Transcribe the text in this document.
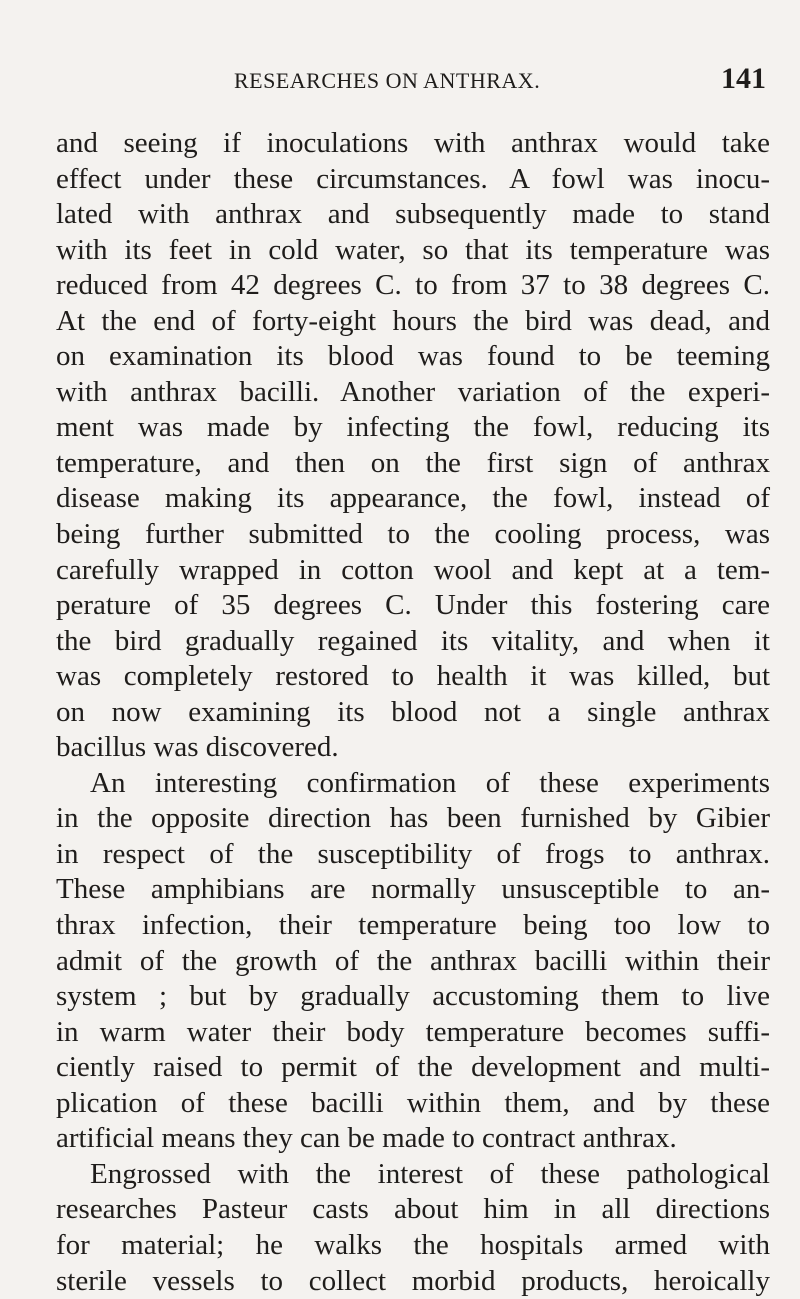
RESEARCHES ON ANTHRAX.	141
and seeing if inoculations with anthrax would take
effect under these circumstances. A fowl was inocu-
lated with anthrax and subsequently made to stand
with its feet in cold water, so that its temperature was
reduced from 42 degrees C. to from 37 to 38 degrees C.
At the end of forty-eight hours the bird was dead, and
on examination its blood was found to be teeming
with anthrax bacilli. Another variation of the experi-
ment was made by infecting the fowl, reducing its
temperature, and then on the first sign of anthrax
disease making its appearance, the fowl, instead of
being further submitted to the cooling process, was
carefully wrapped in cotton wool and kept at a tem-
perature of 35 degrees C. Under this fostering care
the bird gradually regained its vitality, and when it
was completely restored to health it was killed, but
on now examining its blood not a single anthrax
bacillus was discovered.
An interesting confirmation of these experiments
in the opposite direction has been furnished by Gibier
in respect of the susceptibility of frogs to anthrax.
These amphibians are normally unsusceptible to an-
thrax infection, their temperature being too low to
admit of the growth of the anthrax bacilli within their
system ; but by gradually accustoming them to live
in warm water their body temperature becomes suffi-
ciently raised to permit of the development and multi-
plication of these bacilli within them, and by these
artificial means they can be made to contract anthrax.
Engrossed with the interest of these pathological
researches Pasteur casts about him in all directions
for material; he walks the hospitals armed with
sterile vessels to collect morbid products, heroically
